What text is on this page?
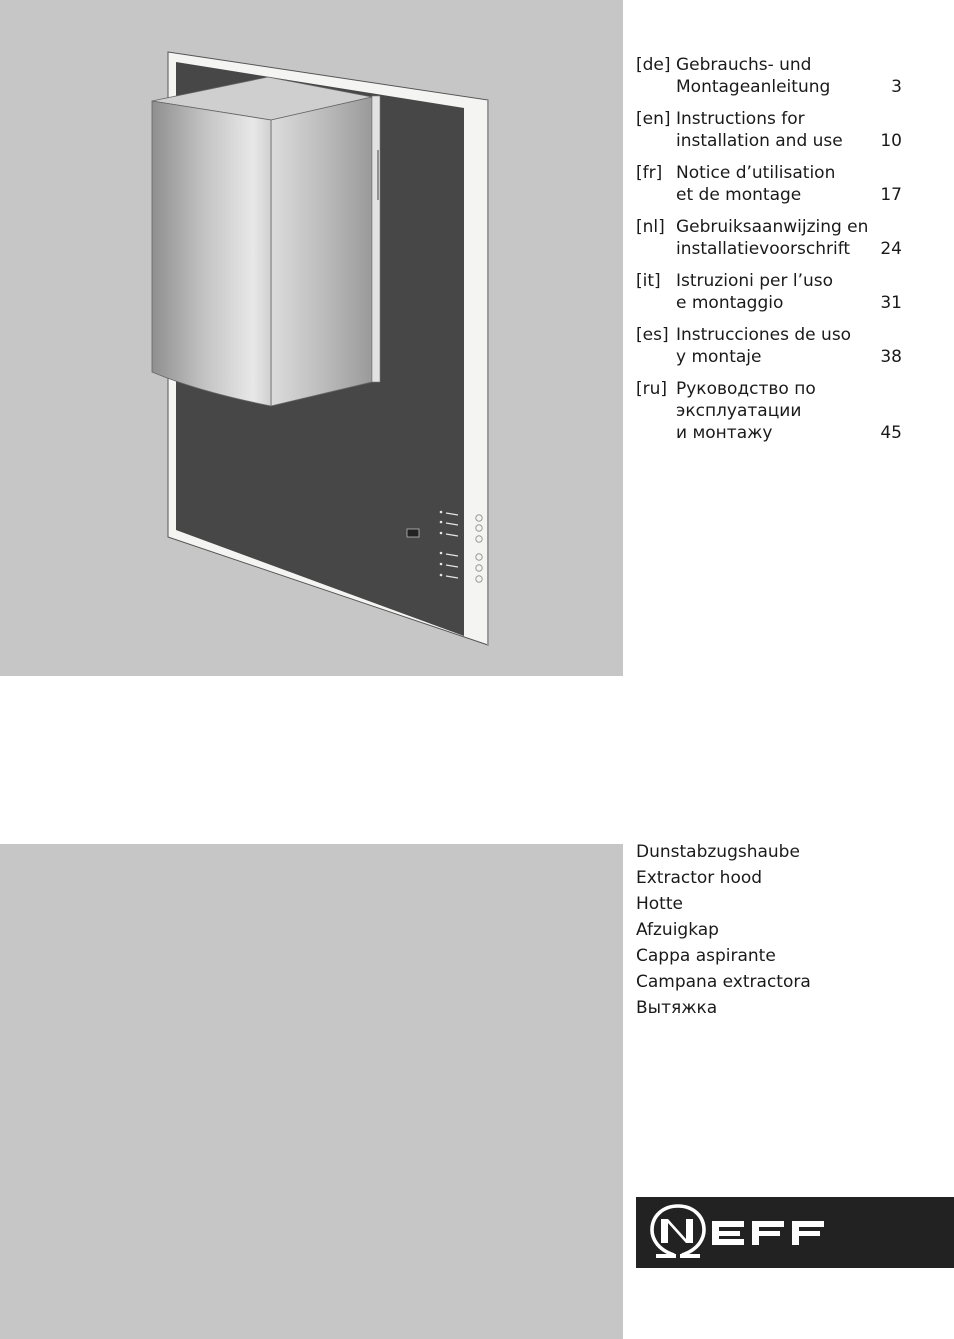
[de] Gebrauchs- und
Montageanleitung	3
[en] Instructions for
installation and use	10
[fr] Notice d’utilisation
et de montage	17
[nl] Gebruiksaanwijzing en
installatievoorschrift	24
[it] Istruzioni per l’uso
e montaggio	31
[es] Instrucciones de uso
y montaje	38
[ru] Руководство по
эксплуатации
и монтажу	45
Dunstabzugshaube
Extractor hood
Hotte
Afzuigkap
Cappa aspirante
Campana extractora
Вытяжка
